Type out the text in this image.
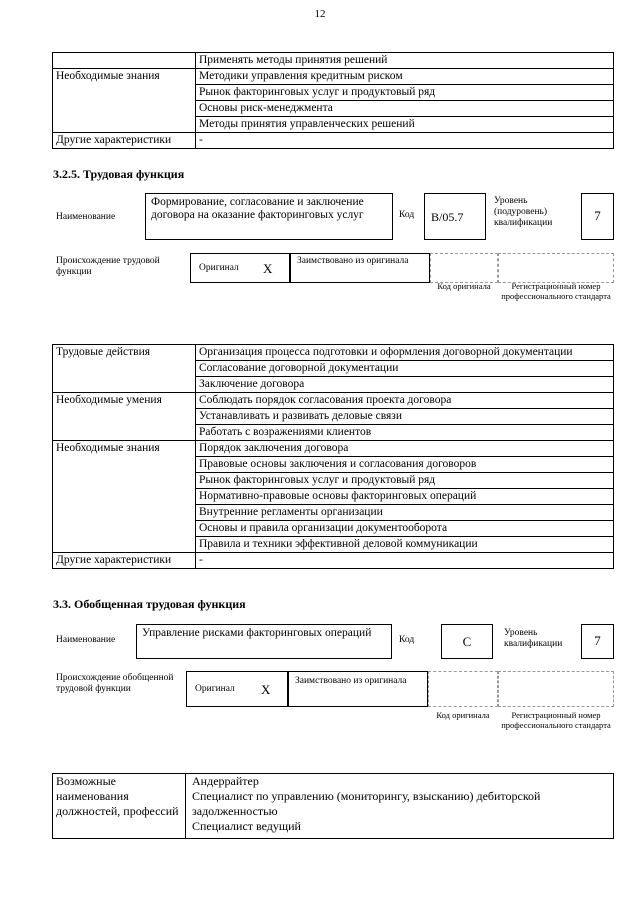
12
	Применять методы принятия решений
Необходимые знания	Методики управления кредитным риском
	Рынок факторинговых услуг и продуктовый ряд
	Основы риск-менеджмента
	Методы принятия управленческих решений
Другие характеристики	-
3.2.5. Трудовая функция
Наименование
Формирование, согласование и заключение договора на оказание факторинговых услуг	Код	B/05.7
Уровень (подуровень) квалификации	7
Происхождение трудовой функции	Оригинал X	Заимствовано из оригинала
Код оригинала	Регистрационный номер профессионального стандарта
Трудовые действия	Организация процесса подготовки и оформления договорной документации
	Согласование договорной документации
	Заключение договора
Необходимые умения	Соблюдать порядок согласования проекта договора
	Устанавливать и развивать деловые связи
	Работать с возражениями клиентов
Необходимые знания	Порядок заключения договора
	Правовые основы заключения и согласования договоров
	Рынок факторинговых услуг и продуктовый ряд
	Нормативно-правовые основы факторинговых операций
	Внутренние регламенты организации
	Основы и правила организации документооборота
	Правила и техники эффективной деловой коммуникации
Другие характеристики	-
3.3. Обобщенная трудовая функция
Наименование
Управление рисками факторинговых операций
Код	C
Уровень квалификации	7
Происхождение обобщенной трудовой функции	Оригинал X
Заимствовано из оригинала
Код оригинала	Регистрационный номер профессионального стандарта
Возможные наименования должностей, профессий	
Андеррайтер
Специалист по управлению (мониторингу, взысканию) дебиторской задолженностью
Специалист ведущий
